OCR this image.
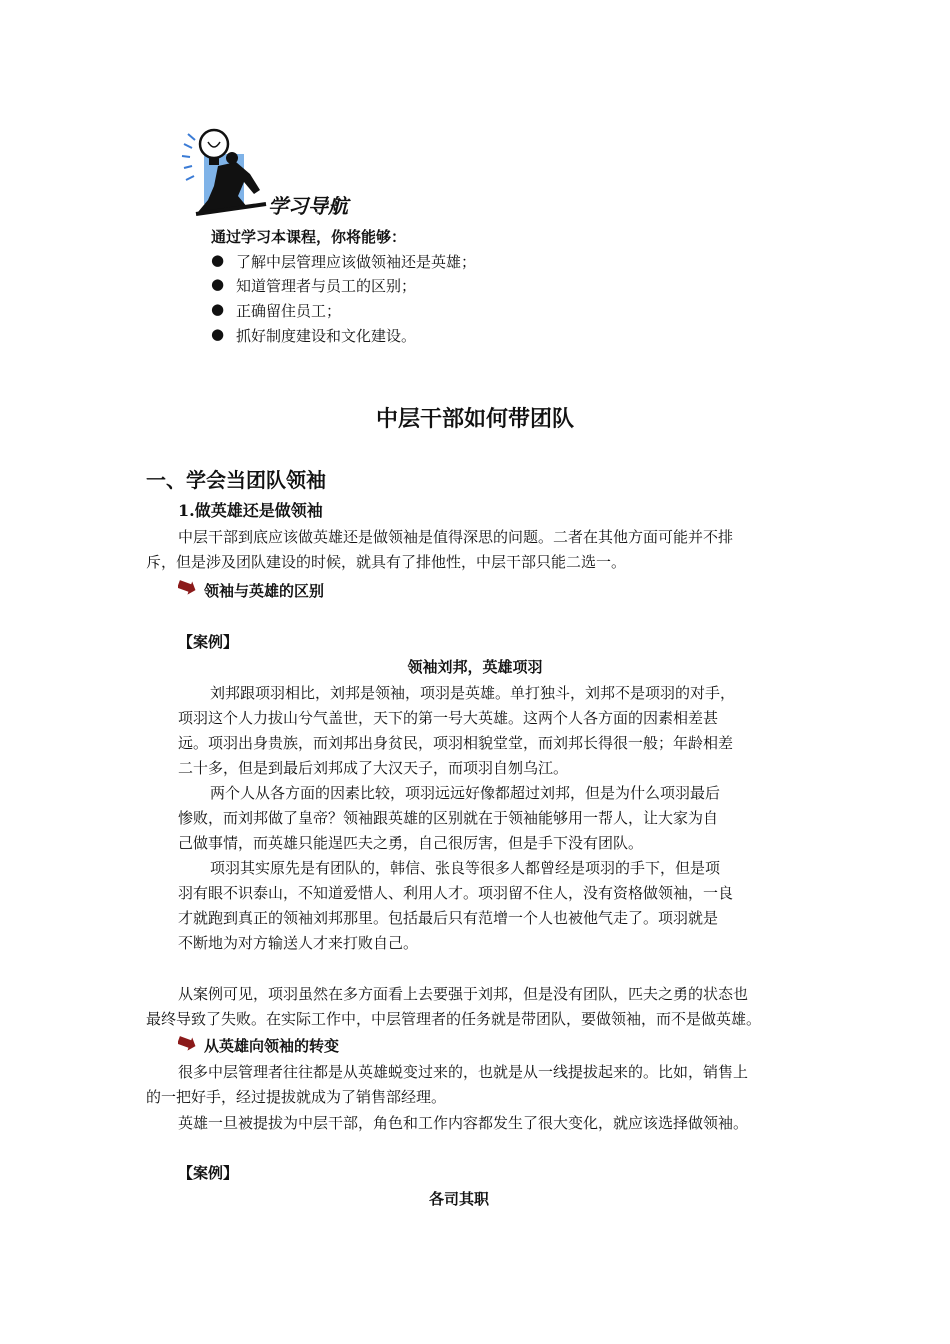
学习导航
通过学习本课程，你将能够：
● 了解中层管理应该做领袖还是英雄；
● 知道管理者与员工的区别；
● 正确留住员工；
● 抓好制度建设和文化建设。
中层干部如何带团队
一、学会当团队领袖
1.做英雄还是做领袖
中层干部到底应该做英雄还是做领袖是值得深思的问题。二者在其他方面可能并不排
斥，但是涉及团队建设的时候，就具有了排他性，中层干部只能二选一。
领袖与英雄的区别
【案例】
领袖刘邦，英雄项羽
刘邦跟项羽相比，刘邦是领袖，项羽是英雄。单打独斗，刘邦不是项羽的对手，
项羽这个人力拔山兮气盖世，天下的第一号大英雄。这两个人各方面的因素相差甚
远。项羽出身贵族，而刘邦出身贫民，项羽相貌堂堂，而刘邦长得很一般；年龄相差
二十多，但是到最后刘邦成了大汉天子，而项羽自刎乌江。
两个人从各方面的因素比较，项羽远远好像都超过刘邦，但是为什么项羽最后
惨败，而刘邦做了皇帝？领袖跟英雄的区别就在于领袖能够用一帮人，让大家为自
己做事情，而英雄只能逞匹夫之勇，自己很厉害，但是手下没有团队。
项羽其实原先是有团队的，韩信、张良等很多人都曾经是项羽的手下，但是项
羽有眼不识泰山，不知道爱惜人、利用人才。项羽留不住人，没有资格做领袖，一良
才就跑到真正的领袖刘邦那里。包括最后只有范增一个人也被他气走了。项羽就是
不断地为对方输送人才来打败自己。
从案例可见，项羽虽然在多方面看上去要强于刘邦，但是没有团队，匹夫之勇的状态也
最终导致了失败。在实际工作中，中层管理者的任务就是带团队，要做领袖，而不是做英雄。
从英雄向领袖的转变
很多中层管理者往往都是从英雄蜕变过来的，也就是从一线提拔起来的。比如，销售上
的一把好手，经过提拔就成为了销售部经理。
英雄一旦被提拔为中层干部，角色和工作内容都发生了很大变化，就应该选择做领袖。
【案例】
各司其职
